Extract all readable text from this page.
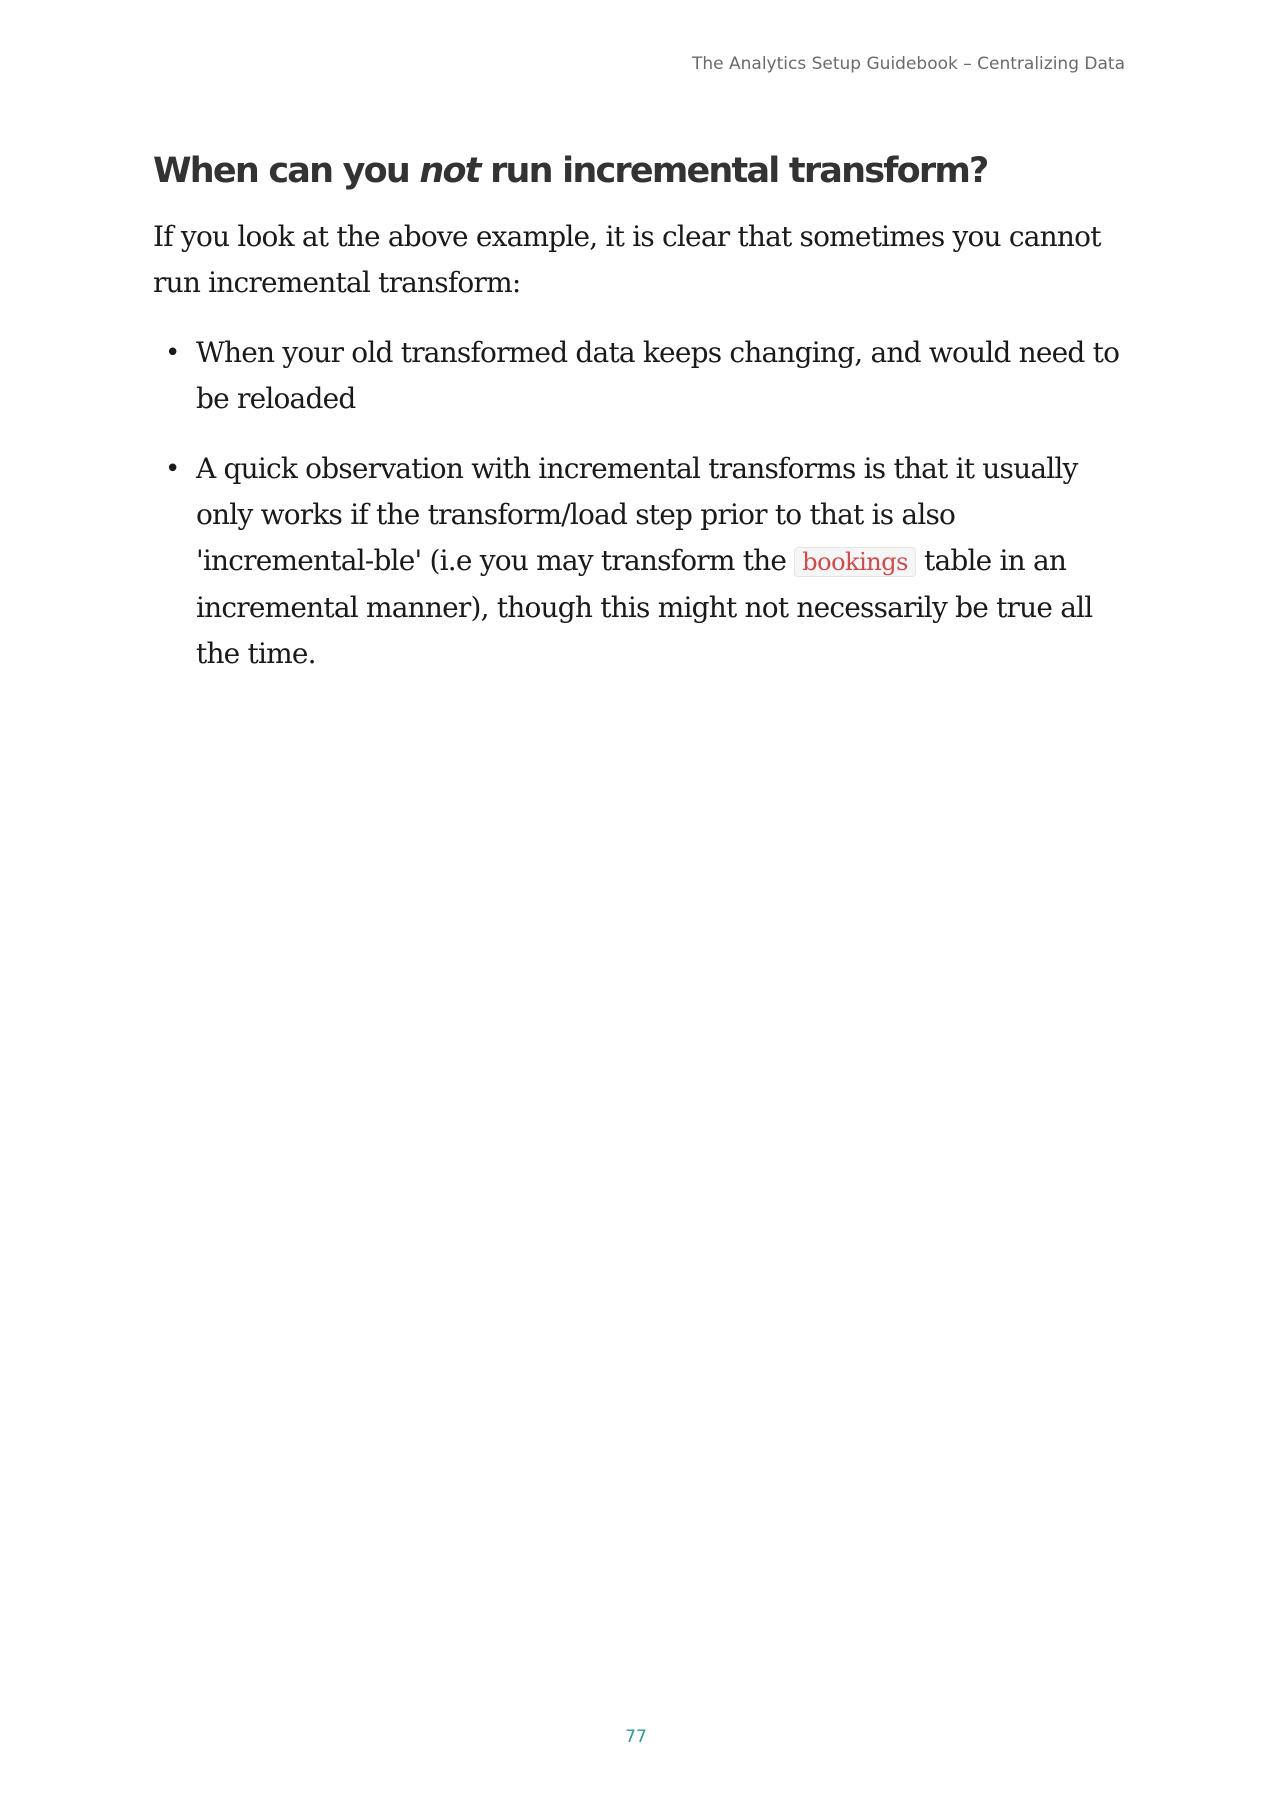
The Analytics Setup Guidebook – Centralizing Data
When can you not run incremental transform?

If you look at the above example, it is clear that sometimes you cannot run incremental transform:

• When your old transformed data keeps changing, and would need to be reloaded
• A quick observation with incremental transforms is that it usually only works if the transform/load step prior to that is also 'incremental-ble' (i.e you may transform the bookings table in an incremental manner), though this might not necessarily be true all the time.
77
